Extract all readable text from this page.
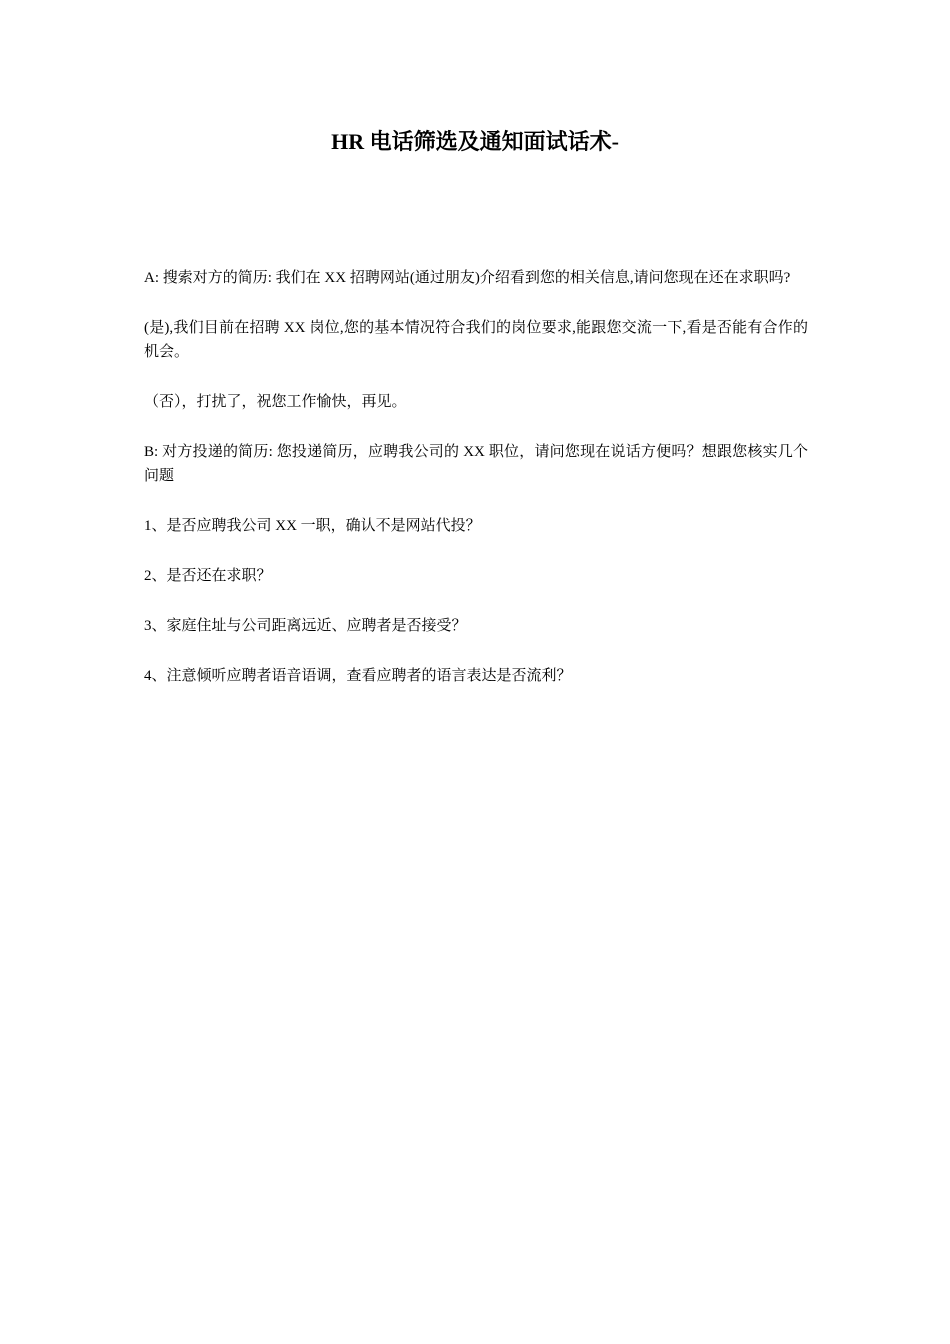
HR 电话筛选及通知面试话术-

A: 搜索对方的简历: 我们在 XX 招聘网站(通过朋友)介绍看到您的相关信息,请问您现在还在求职吗?

(是),我们目前在招聘 XX 岗位,您的基本情况符合我们的岗位要求,能跟您交流一下,看是否能有合作的机会。

（否），打扰了，祝您工作愉快，再见。

B: 对方投递的简历: 您投递简历，应聘我公司的 XX 职位，请问您现在说话方便吗？想跟您核实几个问题

1、是否应聘我公司 XX 一职，确认不是网站代投？

2、是否还在求职？

3、家庭住址与公司距离远近、应聘者是否接受？

4、注意倾听应聘者语音语调，查看应聘者的语言表达是否流利？
